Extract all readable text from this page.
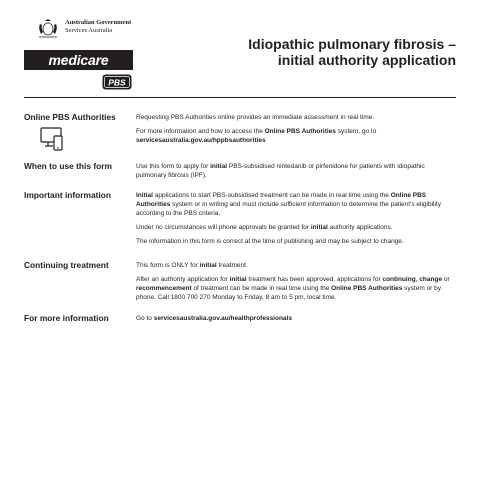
Australian Government
Services Australia
medicare
PBS
Idiopathic pulmonary fibrosis –
initial authority application
Online PBS Authorities	Requesting PBS Authorities online provides an immediate assessment in real time.

For more information and how to access the Online PBS Authorities system, go to
servicesaustralia.gov.au/hppbsauthorities

When to use this form	Use this form to apply for initial PBS-subsidised nintedanib or pirfenidone for patients with idiopathic pulmonary fibrosis (IPF).

Important information	Initial applications to start PBS-subsidised treatment can be made in real time using the Online PBS Authorities system or in writing and must include sufficient information to determine the patient's eligibility according to the PBS criteria.

Under no circumstances will phone approvals be granted for initial authority applications.

The information in this form is correct at the time of publishing and may be subject to change.

Continuing treatment	This form is ONLY for initial treatment.

After an authority application for initial treatment has been approved, applications for continuing, change or recommencement of treatment can be made in real time using the Online PBS Authorities system or by phone. Call 1800 700 270 Monday to Friday, 8 am to 5 pm, local time.

For more information	Go to servicesaustralia.gov.au/healthprofessionals
